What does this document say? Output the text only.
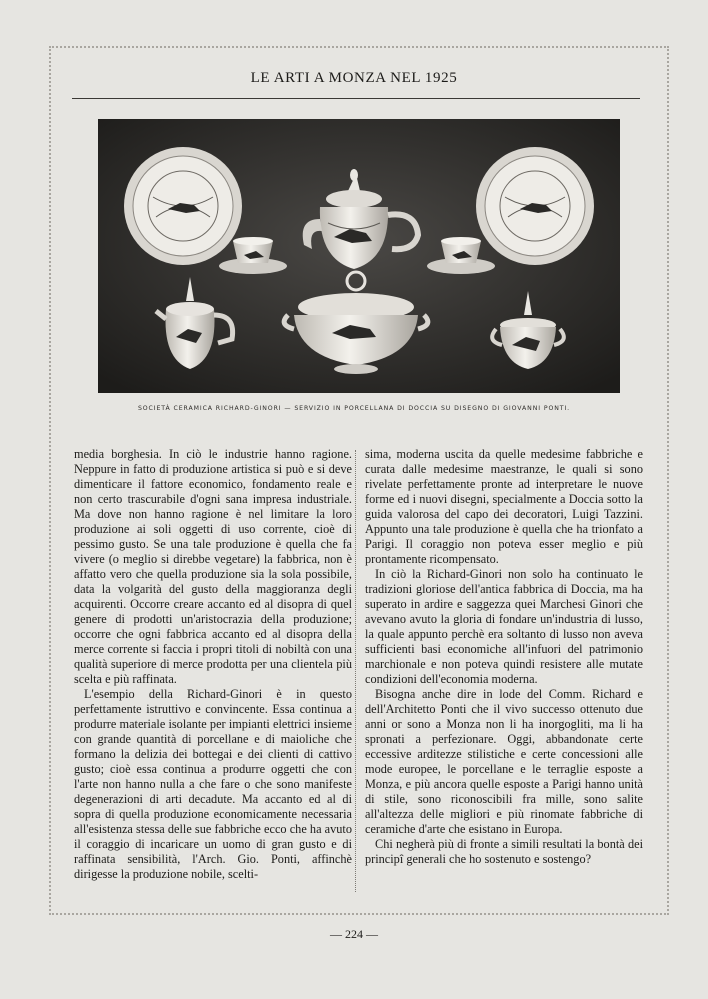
LE ARTI A MONZA NEL 1925
SOCIETÀ CERAMICA RICHARD-GINORI — SERVIZIO IN PORCELLANA DI DOCCIA SU DISEGNO DI GIOVANNI PONTI.

media borghesia. In ciò le industrie hanno ragione. Neppure in fatto di produzione artistica si può e si deve dimenticare il fattore economico, fondamento reale e non certo trascurabile d'ogni sana impresa industriale. Ma dove non hanno ragione è nel limitare la loro produzione ai soli oggetti di uso corrente, cioè di pessimo gusto. Se una tale produzione è quella che fa vivere (o meglio si direbbe vegetare) la fabbrica, non è affatto vero che quella produzione sia la sola possibile, data la volgarità del gusto della maggioranza degli acquirenti. Occorre creare accanto ed al disopra di quel genere di prodotti un'aristocrazia della produzione; occorre che ogni fabbrica accanto ed al disopra della merce corrente si faccia i propri titoli di nobiltà con una qualità superiore di merce prodotta per una clientela più scelta e più raffinata.

L'esempio della Richard-Ginori è in questo perfettamente istruttivo e convincente. Essa continua a produrre materiale isolante per impianti elettrici insieme con grande quantità di porcellane e di maioliche che formano la delizia dei bottegai e dei clienti di cattivo gusto; cioè essa continua a produrre oggetti che con l'arte non hanno nulla a che fare o che sono manifeste degenerazioni di arti decadute. Ma accanto ed al di sopra di quella produzione economicamente necessaria all'esistenza stessa delle sue fabbriche ecco che ha avuto il coraggio di incaricare un uomo di gran gusto e di raffinata sensibilità, l'Arch. Gio. Ponti, affinchè dirigesse la produzione nobile, scelti-

sima, moderna uscita da quelle medesime fabbriche e curata dalle medesime maestranze, le quali si sono rivelate perfettamente pronte ad interpretare le nuove forme ed i nuovi disegni, specialmente a Doccia sotto la guida valorosa del capo dei decoratori, Luigi Tazzini. Appunto una tale produzione è quella che ha trionfato a Parigi. Il coraggio non poteva esser meglio e più prontamente ricompensato.

In ciò la Richard-Ginori non solo ha continuato le tradizioni gloriose dell'antica fabbrica di Doccia, ma ha superato in ardire e saggezza quei Marchesi Ginori che avevano avuto la gloria di fondare un'industria di lusso, la quale appunto perchè era soltanto di lusso non aveva sufficienti basi economiche all'infuori del patrimonio marchionale e non poteva quindi resistere alle mutate condizioni dell'economia moderna.

Bisogna anche dire in lode del Comm. Richard e dell'Architetto Ponti che il vivo successo ottenuto due anni or sono a Monza non li ha inorgogliti, ma li ha spronati a perfezionare. Oggi, abbandonate certe eccessive arditezze stilistiche e certe concessioni alle mode europee, le porcellane e le terraglie esposte a Monza, e più ancora quelle esposte a Parigi hanno unità di stile, sono riconoscibili fra mille, sono salite all'altezza delle migliori e più rinomate fabbriche di ceramiche d'arte che esistano in Europa.

Chi negherà più di fronte a simili resultati la bontà dei principî generali che ho sostenuto e sostengo?

— 224 —
